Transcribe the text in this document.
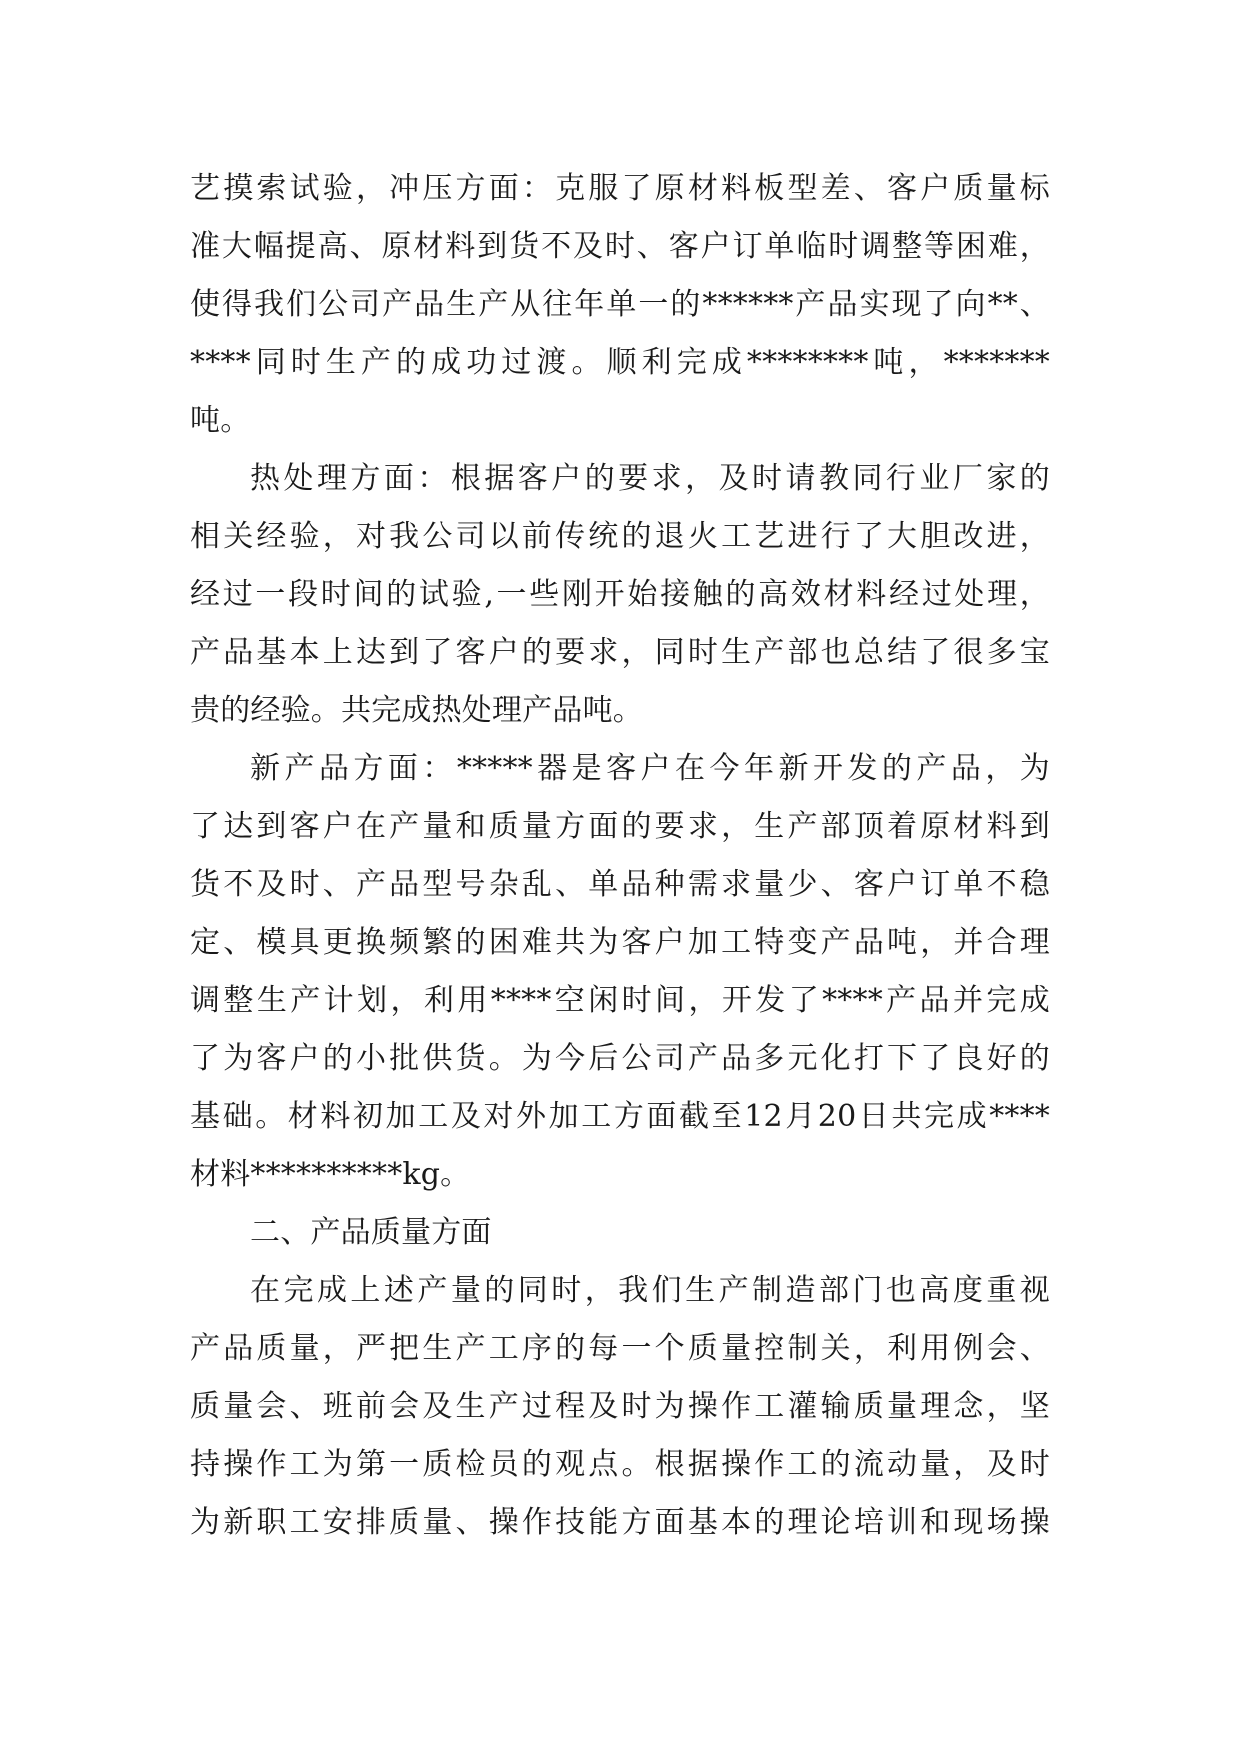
艺摸索试验，冲压方面：克服了原材料板型差、客户质量标
准大幅提高、原材料到货不及时、客户订单临时调整等困难，
使得我们公司产品生产从往年单一的******产品实现了向**、
****同时生产的成功过渡。顺利完成********吨，*******
吨。
热处理方面：根据客户的要求，及时请教同行业厂家的
相关经验，对我公司以前传统的退火工艺进行了大胆改进，
经过一段时间的试验,一些刚开始接触的高效材料经过处理，
产品基本上达到了客户的要求，同时生产部也总结了很多宝
贵的经验。共完成热处理产品吨。
新产品方面：*****器是客户在今年新开发的产品，为
了达到客户在产量和质量方面的要求，生产部顶着原材料到
货不及时、产品型号杂乱、单品种需求量少、客户订单不稳
定、模具更换频繁的困难共为客户加工特变产品吨，并合理
调整生产计划，利用****空闲时间，开发了****产品并完成
了为客户的小批供货。为今后公司产品多元化打下了良好的
基础。材料初加工及对外加工方面截至12月20日共完成****
材料**********kg。
二、产品质量方面
在完成上述产量的同时，我们生产制造部门也高度重视
产品质量，严把生产工序的每一个质量控制关，利用例会、
质量会、班前会及生产过程及时为操作工灌输质量理念，坚
持操作工为第一质检员的观点。根据操作工的流动量，及时
为新职工安排质量、操作技能方面基本的理论培训和现场操
